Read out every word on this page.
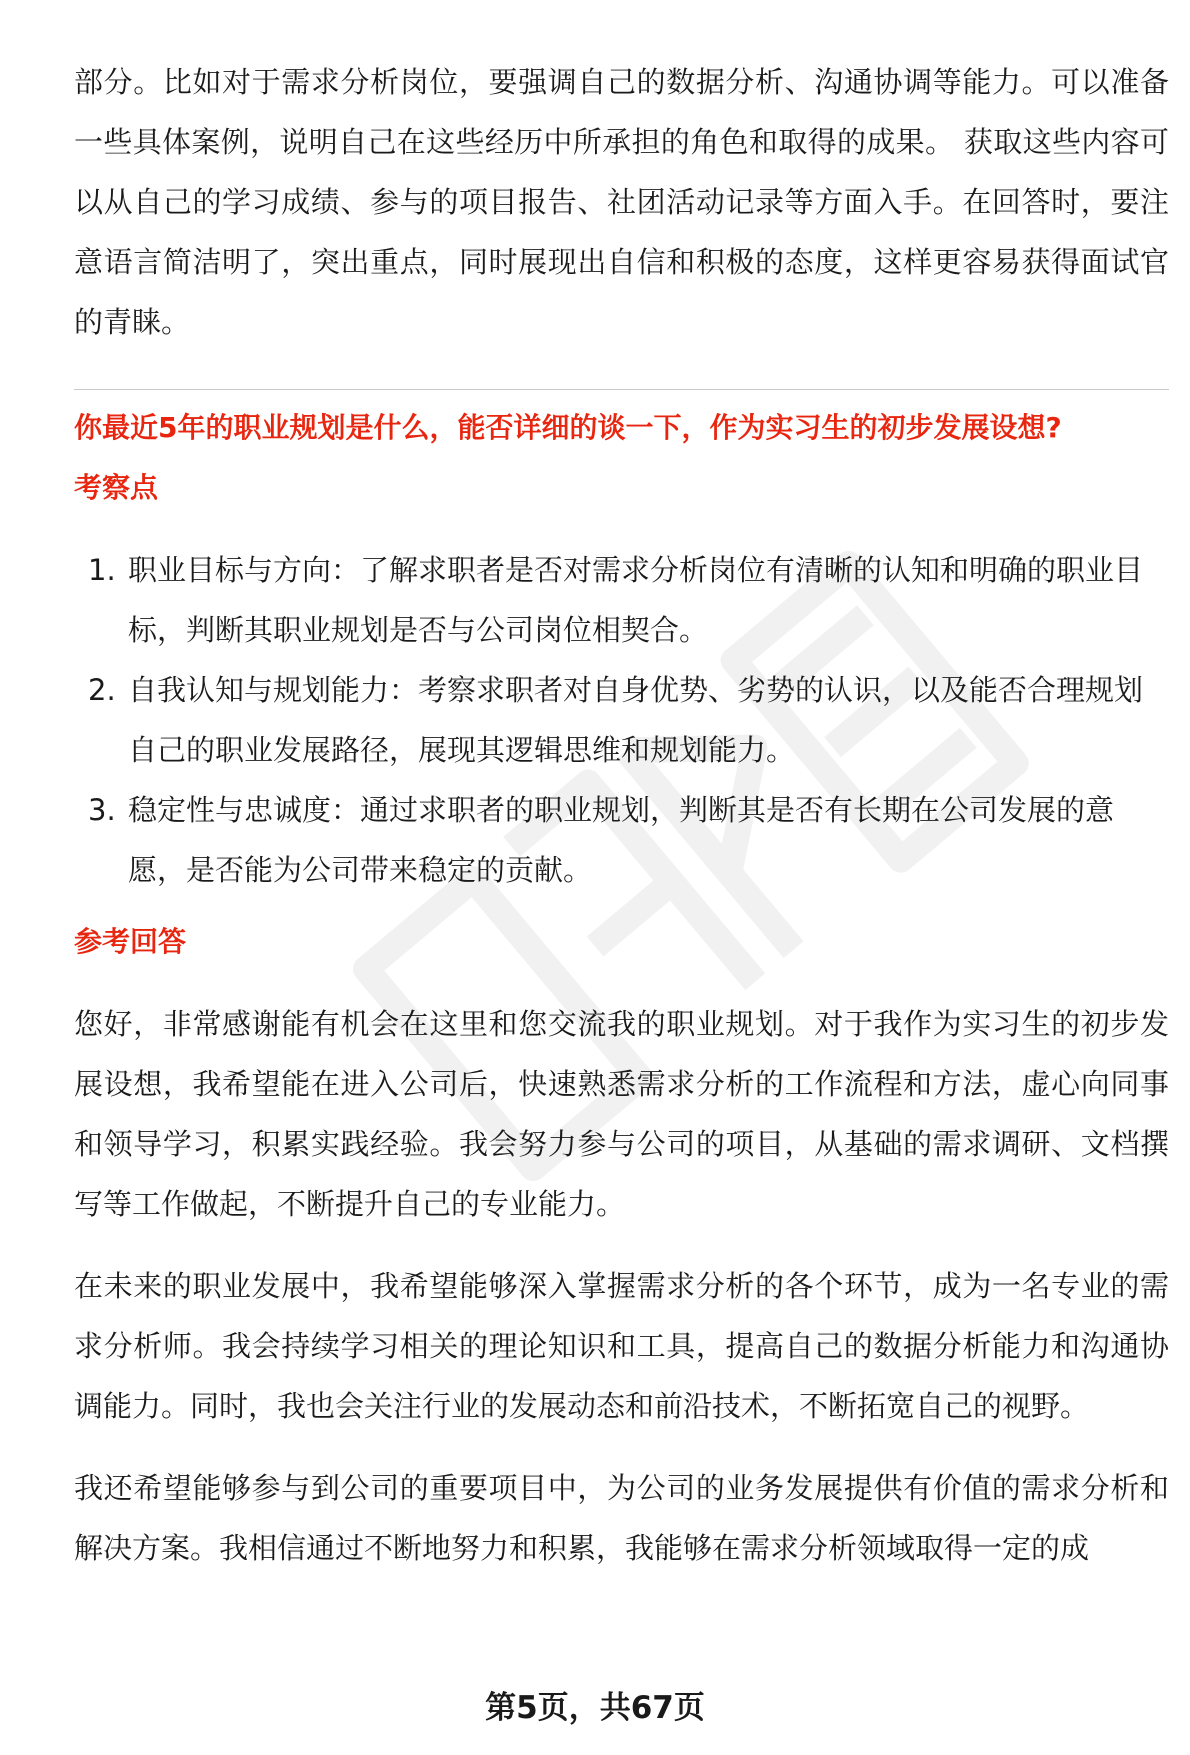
部分。比如对于需求分析岗位，要强调自己的数据分析、沟通协调等能力。可以准备一些具体案例，说明自己在这些经历中所承担的角色和取得的成果。 获取这些内容可以从自己的学习成绩、参与的项目报告、社团活动记录等方面入手。在回答时，要注意语言简洁明了，突出重点，同时展现出自信和积极的态度，这样更容易获得面试官的青睐。

你最近5年的职业规划是什么，能否详细的谈一下，作为实习生的初步发展设想?

考察点

1. 职业目标与方向：了解求职者是否对需求分析岗位有清晰的认知和明确的职业目标，判断其职业规划是否与公司岗位相契合。
2. 自我认知与规划能力：考察求职者对自身优势、劣势的认识，以及能否合理规划自己的职业发展路径，展现其逻辑思维和规划能力。
3. 稳定性与忠诚度：通过求职者的职业规划，判断其是否有长期在公司发展的意愿，是否能为公司带来稳定的贡献。

参考回答

您好，非常感谢能有机会在这里和您交流我的职业规划。对于我作为实习生的初步发展设想，我希望能在进入公司后，快速熟悉需求分析的工作流程和方法，虚心向同事和领导学习，积累实践经验。我会努力参与公司的项目，从基础的需求调研、文档撰写等工作做起，不断提升自己的专业能力。

在未来的职业发展中，我希望能够深入掌握需求分析的各个环节，成为一名专业的需求分析师。我会持续学习相关的理论知识和工具，提高自己的数据分析能力和沟通协调能力。同时，我也会关注行业的发展动态和前沿技术，不断拓宽自己的视野。

我还希望能够参与到公司的重要项目中，为公司的业务发展提供有价值的需求分析和解决方案。我相信通过不断地努力和积累，我能够在需求分析领域取得一定的成

第5页，共67页
